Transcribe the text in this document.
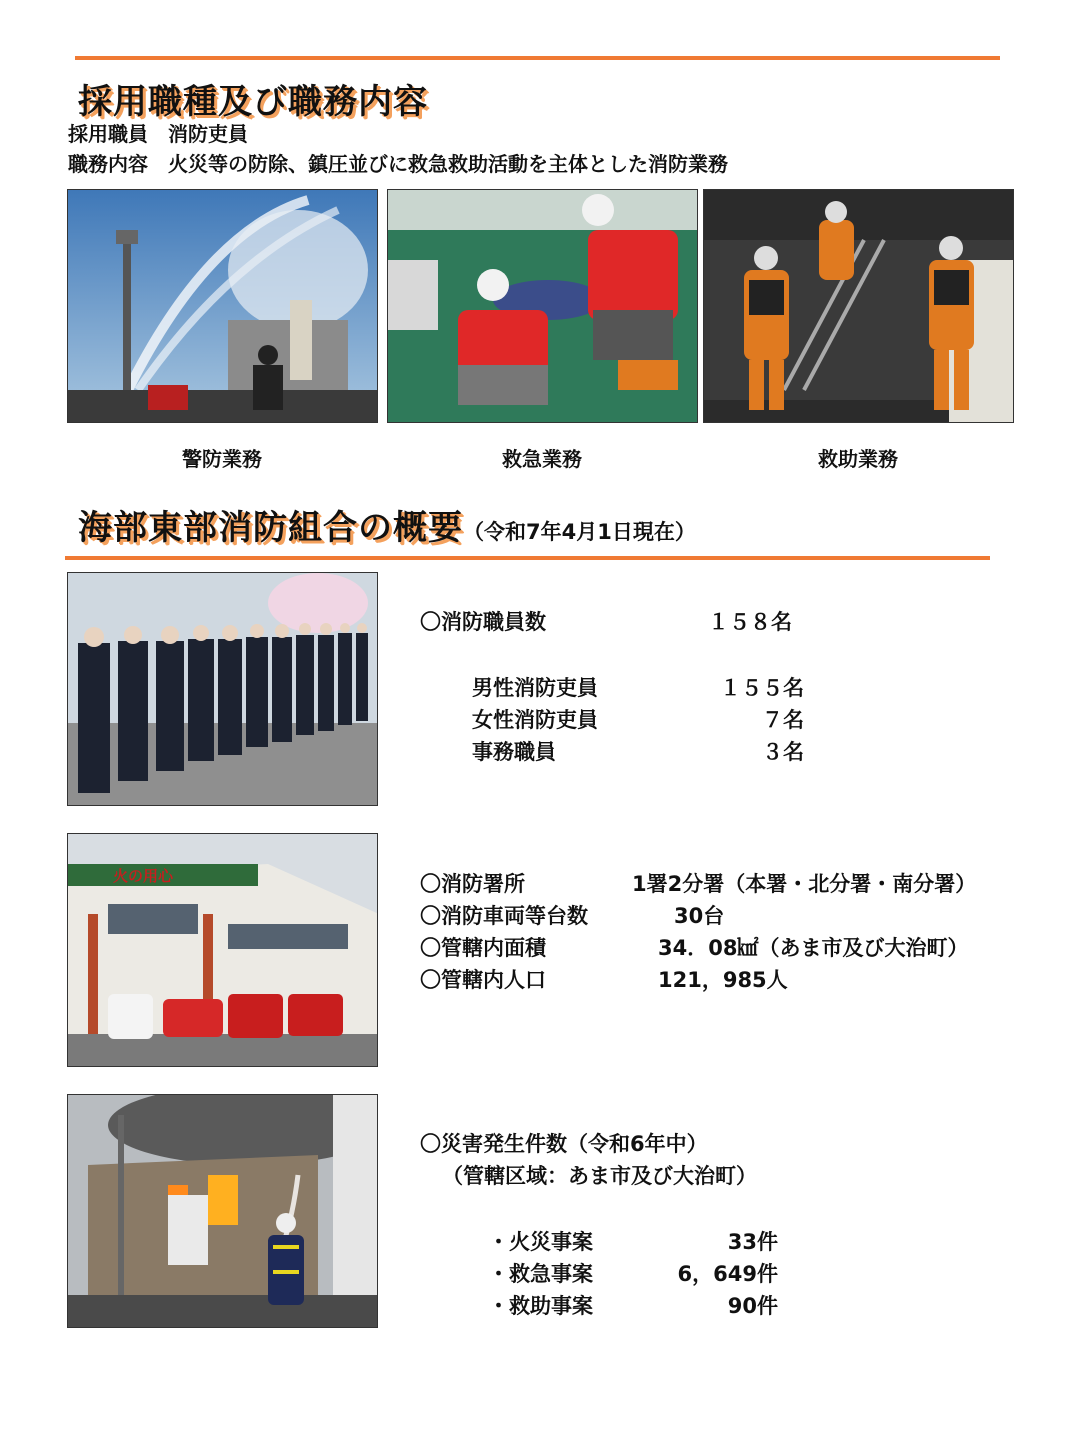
採用職種及び職務内容
採用職員　消防吏員
職務内容　火災等の防除、鎮圧並びに救急救助活動を主体とした消防業務
警防業務	救急業務	救助業務
海部東部消防組合の概要（令和7年4月1日現在）
〇消防職員数	１５８名
男性消防吏員	１５５名
女性消防吏員	７名
事務職員	３名
火の用心	〇消防署所	1署2分署（本署・北分署・南分署）
〇消防車両等台数	30台
〇管轄内面積	34．08㎢（あま市及び大治町）
〇管轄内人口	121，985人
〇災害発生件数（令和6年中）
（管轄区域：あま市及び大治町）
・火災事案	33件
・救急事案	6，649件
・救助事案	90件
